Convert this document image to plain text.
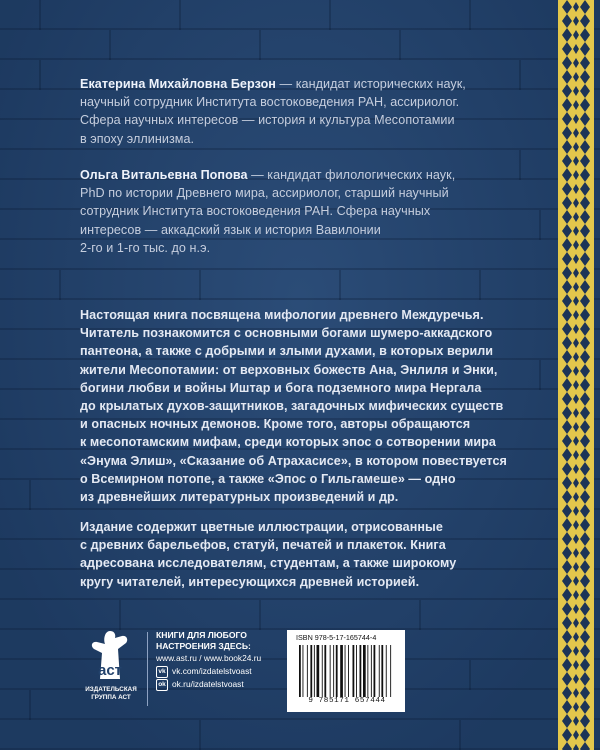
Екатерина Михайловна Берзон — кандидат исторических наук,
научный сотрудник Института востоковедения РАН, ассириолог.
Сфера научных интересов — история и культура Месопотамии
в эпоху эллинизма.
Ольга Витальевна Попова — кандидат филологических наук,
PhD по истории Древнего мира, ассириолог, старший научный
сотрудник Института востоковедения РАН. Сфера научных
интересов — аккадский язык и история Вавилонии
2-го и 1-го тыс. до н.э.
Настоящая книга посвящена мифологии древнего Междуречья.
Читатель познакомится с основными богами шумеро-аккадского
пантеона, а также с добрыми и злыми духами, в которых верили
жители Месопотамии: от верховных божеств Ана, Энлиля и Энки,
богини любви и войны Иштар и бога подземного мира Нергала
до крылатых духов-защитников, загадочных мифических существ
и опасных ночных демонов. Кроме того, авторы обращаются
к месопотамским мифам, среди которых эпос о сотворении мира
«Энума Элиш», «Сказание об Атрахасисе», в котором повествуется
о Всемирном потопе, а также «Эпос о Гильгамеше» — одно
из древнейших литературных произведений и др.
Издание содержит цветные иллюстрации, отрисованные
с древних барельефов, статуй, печатей и плакеток. Книга
адресована исследователям, студентам, а также широкому
кругу читателей, интересующихся древней историей.
аст
ИЗДАТЕЛЬСКАЯ
ГРУППА АСТ
КНИГИ ДЛЯ ЛЮБОГО
НАСТРОЕНИЯ ЗДЕСЬ:
www.ast.ru / www.book24.ru
vk vk.com/izdatelstvoast
ok ok.ru/izdatelstvoast
ISBN 978-5-17-165744-4
9 785171 657444
